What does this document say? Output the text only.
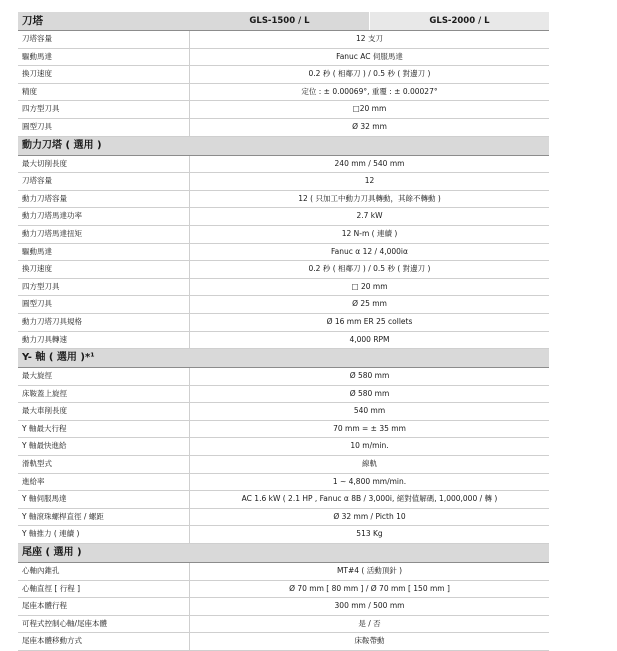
刀塔	GLS-1500 / L	GLS-2000 / L
刀塔容量	12 支刀
驅動馬達	Fanuc AC 伺服馬達
換刀速度	0.2 秒 ( 相鄰刀 ) / 0.5 秒 ( 對邊刀 )
精度	定位 : ± 0.00069°, 重覆 : ± 0.00027°
四方型刀具	□20 mm
圓型刀具	Ø 32 mm
動力刀塔 ( 選用 )
最大切削長度	240 mm / 540 mm
刀塔容量	12
動力刀塔容量	12 ( 只加工中動力刀具轉動，其餘不轉動 )
動力刀塔馬達功率	2.7 kW
動力刀塔馬達扭矩	12 N-m ( 連續 )
驅動馬達	Fanuc α 12 / 4,000iα
換刀速度	0.2 秒 ( 相鄰刀 ) / 0.5 秒 ( 對邊刀 )
四方型刀具	□ 20 mm
圓型刀具	Ø 25 mm
動力刀塔刀具規格	Ø 16 mm ER 25 collets
動力刀具轉速	4,000 RPM
Y- 軸 ( 選用 )*¹
最大旋徑	Ø 580 mm
床鞍蓋上旋徑	Ø 580 mm
最大車削長度	540 mm
Y 軸最大行程	70 mm = ± 35 mm
Y 軸最快進給	10 m/min.
滑軌型式	線軌
進給率	1 ~ 4,800 mm/min.
Y 軸伺服馬達	AC 1.6 kW ( 2.1 HP , Fanuc α 8B / 3,000i, 絕對值解碼, 1,000,000 / 轉 )
Y 軸滾珠螺桿直徑 / 螺距	Ø 32 mm / Picth 10
Y 軸推力 ( 連續 )	513 Kg
尾座 ( 選用 )
心軸內錐孔	MT#4 ( 活動頂針 )
心軸直徑 [ 行程 ]	Ø 70 mm [ 80 mm ] / Ø 70 mm [ 150 mm ]
尾座本體行程	300 mm / 500 mm
可程式控制心軸/尾座本體	是 / 否
尾座本體移動方式	床鞍帶動
